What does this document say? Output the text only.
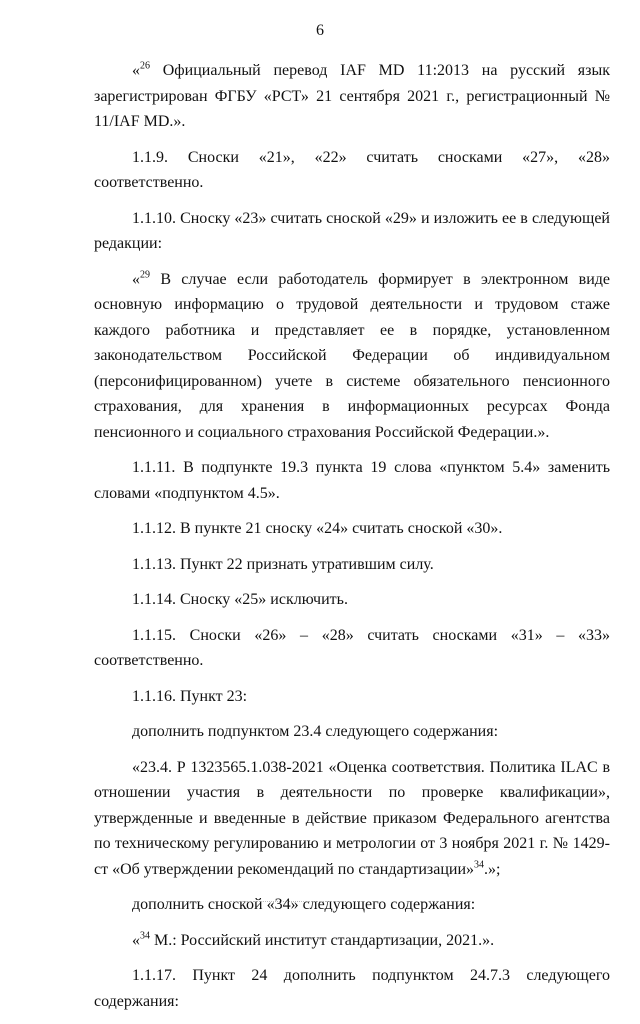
6

«$^{26}$ Официальный перевод IAF MD 11:2013 на русский язык зарегистрирован ФГБУ «РСТ» 21 сентября 2021 г., регистрационный № 11/IAF MD.».

1.1.9. Сноски «21», «22» считать сносками «27», «28» соответственно.

1.1.10. Сноску «23» считать сноской «29» и изложить ее в следующей редакции:

«$^{29}$ В случае если работодатель формирует в электронном виде основную информацию о трудовой деятельности и трудовом стаже каждого работника и представляет ее в порядке, установленном законодательством Российской Федерации об индивидуальном (персонифицированном) учете в системе обязательного пенсионного страхования, для хранения в информационных ресурсах Фонда пенсионного и социального страхования Российской Федерации.».

1.1.11. В подпункте 19.3 пункта 19 слова «пунктом 5.4» заменить словами «подпунктом 4.5».

1.1.12. В пункте 21 сноску «24» считать сноской «30».

1.1.13. Пункт 22 признать утратившим силу.

1.1.14. Сноску «25» исключить.

1.1.15. Сноски «26» – «28» считать сносками «31» – «33» соответственно.

1.1.16. Пункт 23:

дополнить подпунктом 23.4 следующего содержания:

«23.4. Р 1323565.1.038-2021 «Оценка соответствия. Политика ILAC в отношении участия в деятельности по проверке квалификации», утвержденные и введенные в действие приказом Федерального агентства по техническому регулированию и метрологии от 3 ноября 2021 г. № 1429-ст «Об утверждении рекомендаций по стандартизации»$^{34}$.»;

дополнить сноской «34» следующего содержания:

«$^{34}$ М.: Российский институт стандартизации, 2021.».

1.1.17. Пункт 24 дополнить подпунктом 24.7.3 следующего содержания:
